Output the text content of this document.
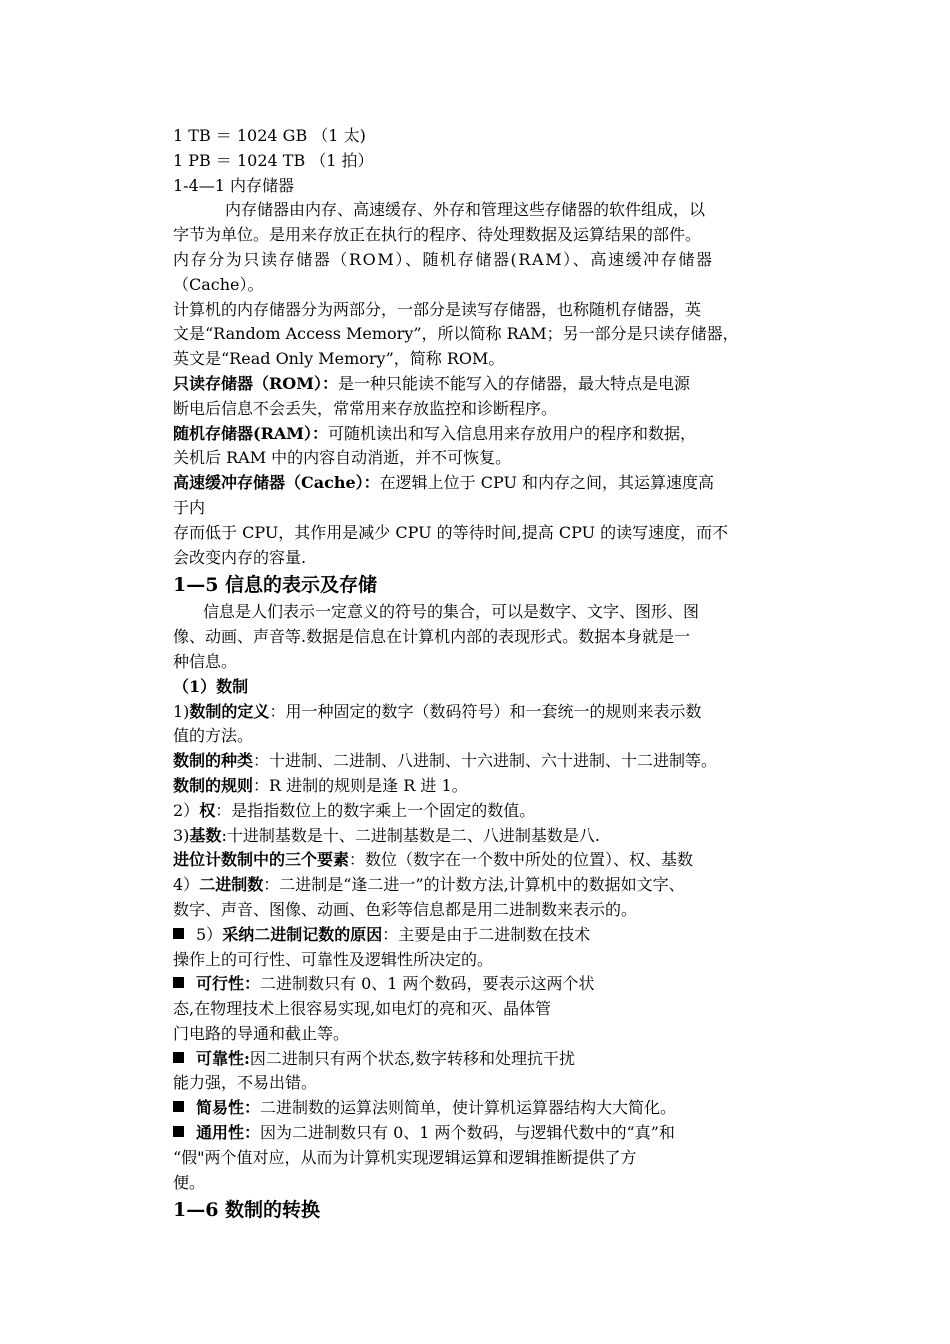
1 TB ＝ 1024 GB （1 太)
1 PB ＝ 1024 TB （1 拍）
1-4—1 内存储器
内存储器由内存、高速缓存、外存和管理这些存储器的软件组成，以
字节为单位。是用来存放正在执行的程序、待处理数据及运算结果的部件。
内存分为只读存储器（ROM）、随机存储器(RAM）、高速缓冲存储器
（Cache）。
计算机的内存储器分为两部分，一部分是读写存储器，也称随机存储器，英
文是“Random Access Memory”，所以简称 RAM；另一部分是只读存储器，
英文是“Read Only Memory”，简称 ROM。
只读存储器（ROM）：是一种只能读不能写入的存储器，最大特点是电源
断电后信息不会丢失，常常用来存放监控和诊断程序。
随机存储器(RAM）：可随机读出和写入信息用来存放用户的程序和数据，
关机后 RAM 中的内容自动消逝，并不可恢复。
高速缓冲存储器（Cache）：在逻辑上位于 CPU 和内存之间，其运算速度高
于内
存而低于 CPU，其作用是减少 CPU 的等待时间,提高 CPU 的读写速度，而不
会改变内存的容量.
1—5 信息的表示及存储
信息是人们表示一定意义的符号的集合，可以是数字、文字、图形、图
像、动画、声音等.数据是信息在计算机内部的表现形式。数据本身就是一
种信息。
（1）数制
1)数制的定义：用一种固定的数字（数码符号）和一套统一的规则来表示数
值的方法。
数制的种类：十进制、二进制、八进制、十六进制、六十进制、十二进制等。
数制的规则：R 进制的规则是逢 R 进 1。
2）权：是指指数位上的数字乘上一个固定的数值。
3)基数:十进制基数是十、二进制基数是二、八进制基数是八.
进位计数制中的三个要素：数位（数字在一个数中所处的位置）、权、基数
4）二进制数：二进制是“逢二进一”的计数方法,计算机中的数据如文字、
数字、声音、图像、动画、色彩等信息都是用二进制数来表示的。
5）采纳二进制记数的原因：主要是由于二进制数在技术
操作上的可行性、可靠性及逻辑性所决定的。
可行性：二进制数只有 0、1 两个数码，要表示这两个状
态,在物理技术上很容易实现,如电灯的亮和灭、晶体管
门电路的导通和截止等。
可靠性:因二进制只有两个状态,数字转移和处理抗干扰
能力强，不易出错。
简易性：二进制数的运算法则简单，使计算机运算器结构大大简化。
通用性：因为二进制数只有 0、1 两个数码，与逻辑代数中的“真”和
“假"两个值对应，从而为计算机实现逻辑运算和逻辑推断提供了方
便。
1—6 数制的转换
